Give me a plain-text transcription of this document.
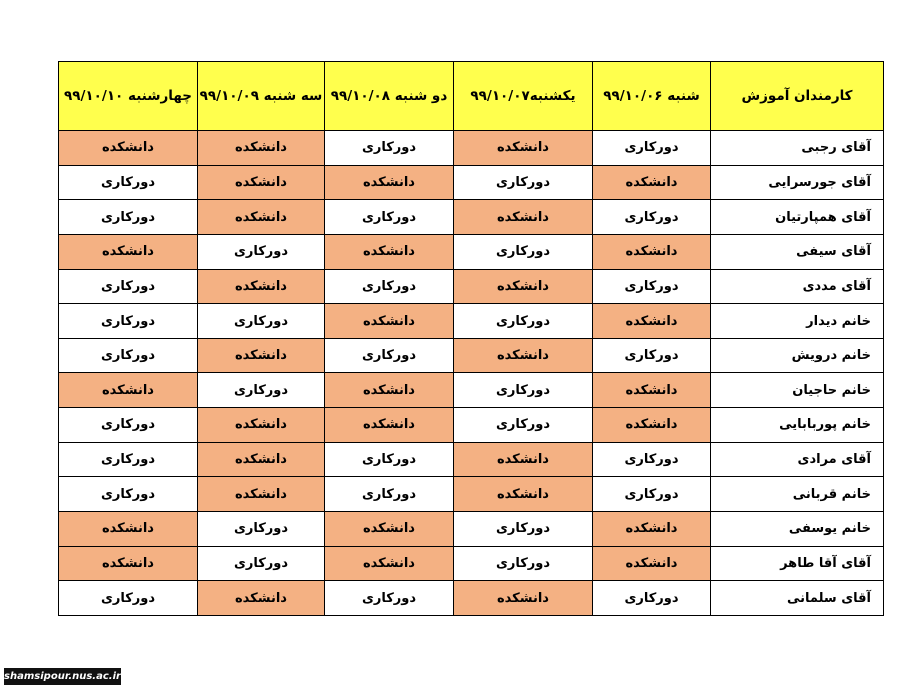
کارمندان آموزش	شنبه ۹۹/۱۰/۰۶	یکشنبه۹۹/۱۰/۰۷	دو شنبه ۹۹/۱۰/۰۸	سه شنبه ۹۹/۱۰/۰۹	چهارشنبه ۹۹/۱۰/۱۰
آقای رجبی	دورکاری	دانشکده	دورکاری	دانشکده	دانشکده
آقای جورسرایی	دانشکده	دورکاری	دانشکده	دانشکده	دورکاری
آقای همپارتیان	دورکاری	دانشکده	دورکاری	دانشکده	دورکاری
آقای سیفی	دانشکده	دورکاری	دانشکده	دورکاری	دانشکده
آقای مددی	دورکاری	دانشکده	دورکاری	دانشکده	دورکاری
خانم دیدار	دانشکده	دورکاری	دانشکده	دورکاری	دورکاری
خانم درویش	دورکاری	دانشکده	دورکاری	دانشکده	دورکاری
خانم حاجیان	دانشکده	دورکاری	دانشکده	دورکاری	دانشکده
خانم پوربابایی	دانشکده	دورکاری	دانشکده	دانشکده	دورکاری
آقای مرادی	دورکاری	دانشکده	دورکاری	دانشکده	دورکاری
خانم قربانی	دورکاری	دانشکده	دورکاری	دانشکده	دورکاری
خانم یوسفی	دانشکده	دورکاری	دانشکده	دورکاری	دانشکده
آقای آقا طاهر	دانشکده	دورکاری	دانشکده	دورکاری	دانشکده
آقای سلمانی	دورکاری	دانشکده	دورکاری	دانشکده	دورکاری
shamsipour.nus.ac.ir
